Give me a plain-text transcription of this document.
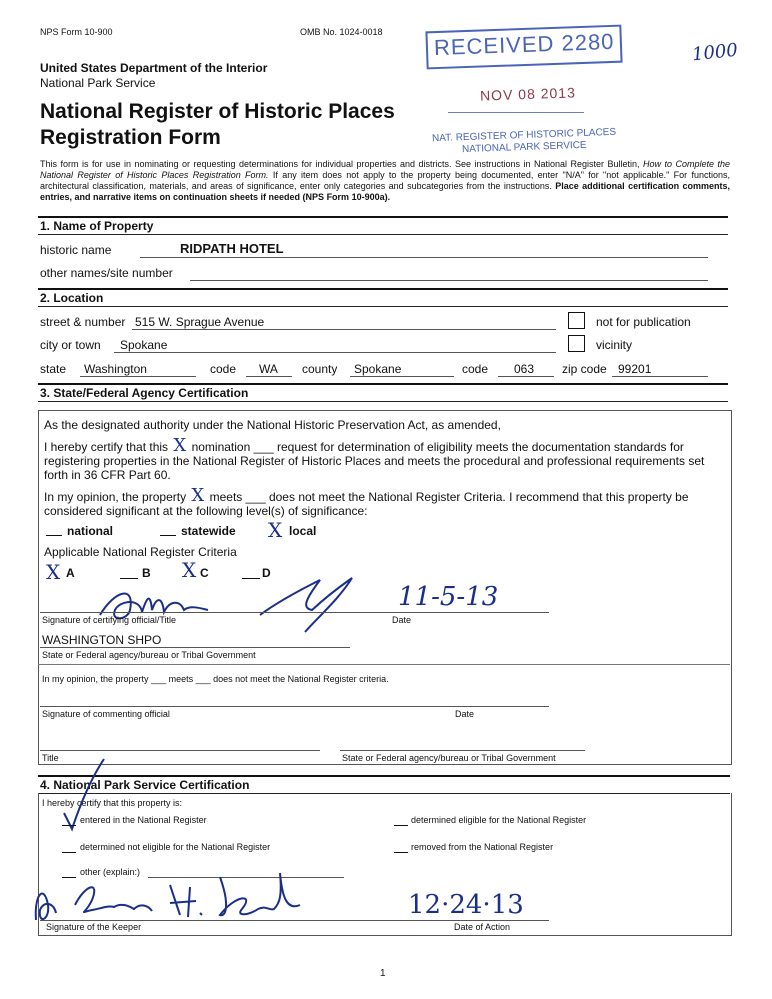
NPS Form 10-900	OMB No. 1024-0018
United States Department of the Interior
National Park Service
National Register of Historic Places
Registration Form
1000
RECEIVED 2280
NOV 08 2013
NAT. REGISTER OF HISTORIC PLACES
NATIONAL PARK SERVICE
This form is for use in nominating or requesting determinations for individual properties and districts. See instructions in National Register Bulletin, How to Complete the National Register of Historic Places Registration Form. If any item does not apply to the property being documented, enter "N/A" for "not applicable." For functions, architectural classification, materials, and areas of significance, enter only categories and subcategories from the instructions. Place additional certification comments, entries, and narrative items on continuation sheets if needed (NPS Form 10-900a).
1. Name of Property
historic name	RIDPATH HOTEL
other names/site number
2. Location
street & number 515 W. Sprague Avenue	not for publication
city or town Spokane	vicinity
state Washington	code WA county Spokane	code 063 zip code 99201
3. State/Federal Agency Certification
As the designated authority under the National Historic Preservation Act, as amended,
I hereby certify that this X nomination ___ request for determination of eligibility meets the documentation standards for registering properties in the National Register of Historic Places and meets the procedural and professional requirements set forth in 36 CFR Part 60.
In my opinion, the property X meets ___ does not meet the National Register Criteria. I recommend that this property be considered significant at the following level(s) of significance:
national	statewide X local
Applicable National Register Criteria
X A	B X C	D
11-5-13
Signature of certifying official/Title	Date
WASHINGTON SHPO
State or Federal agency/bureau or Tribal Government
In my opinion, the property ___ meets ___ does not meet the National Register criteria.
Signature of commenting official	Date
Title	State or Federal agency/bureau or Tribal Government
4. National Park Service Certification
I hereby certify that this property is:
entered in the National Register	determined eligible for the National Register
determined not eligible for the National Register	removed from the National Register
other (explain:)
12·24·13
Signature of the Keeper	Date of Action
1
